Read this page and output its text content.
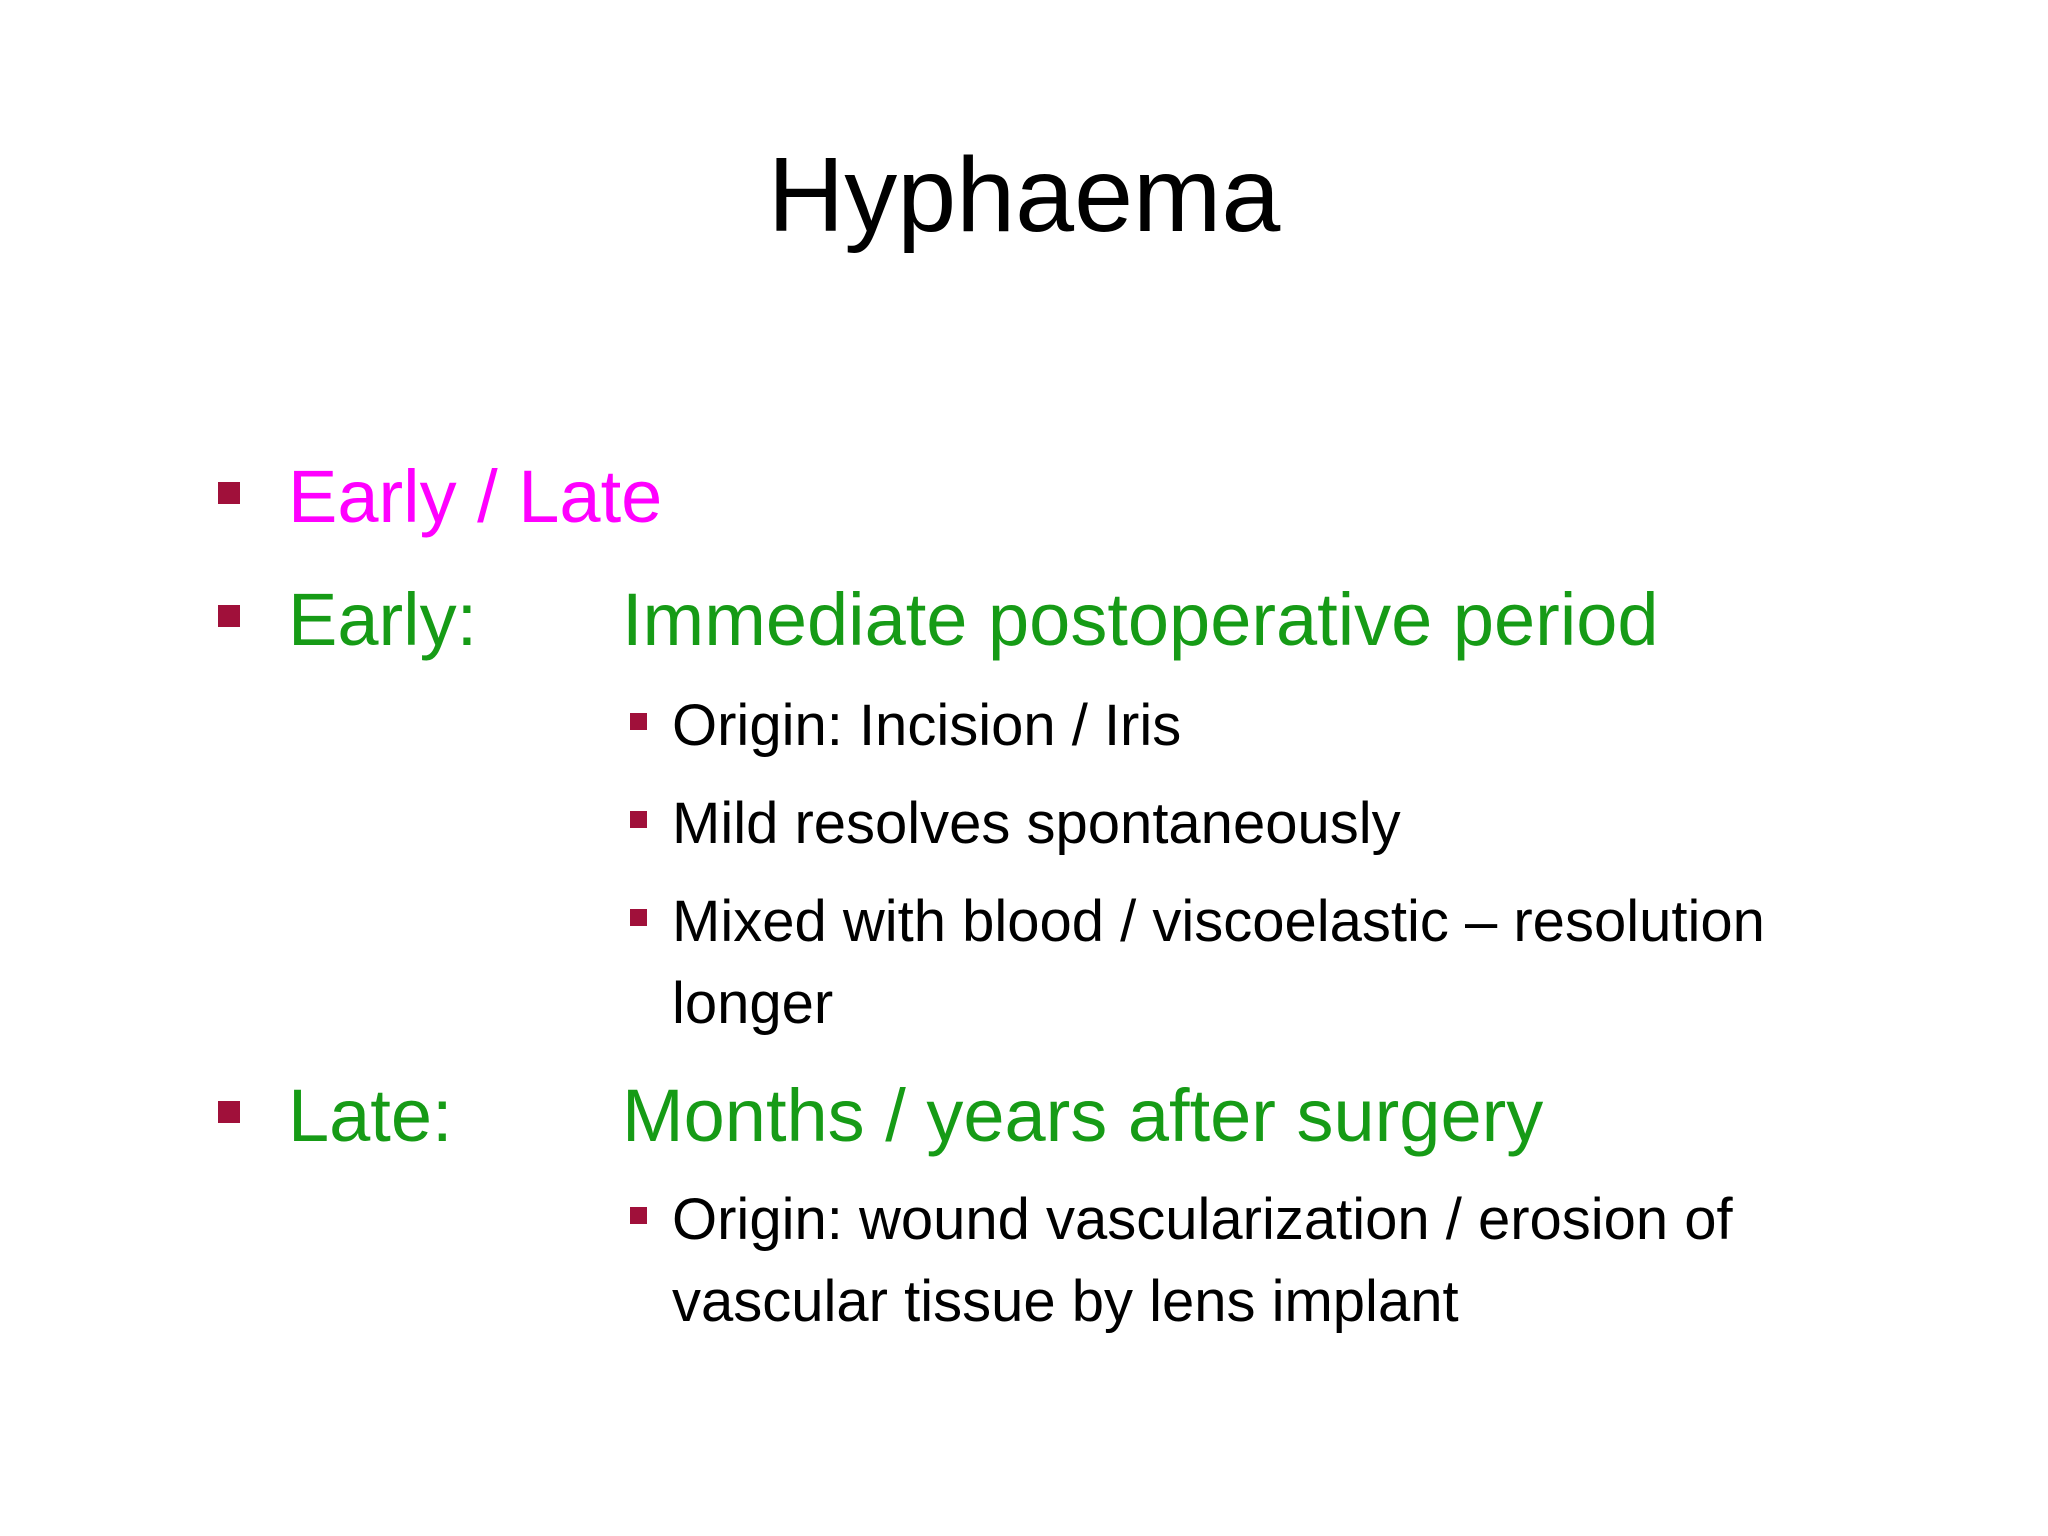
Hyphaema
Early / Late
Early: Immediate postoperative period
Origin: Incision / Iris
Mild resolves spontaneously
Mixed with blood / viscoelastic – resolution
longer
Late: Months / years after surgery
Origin: wound vascularization / erosion of
vascular tissue by lens implant
